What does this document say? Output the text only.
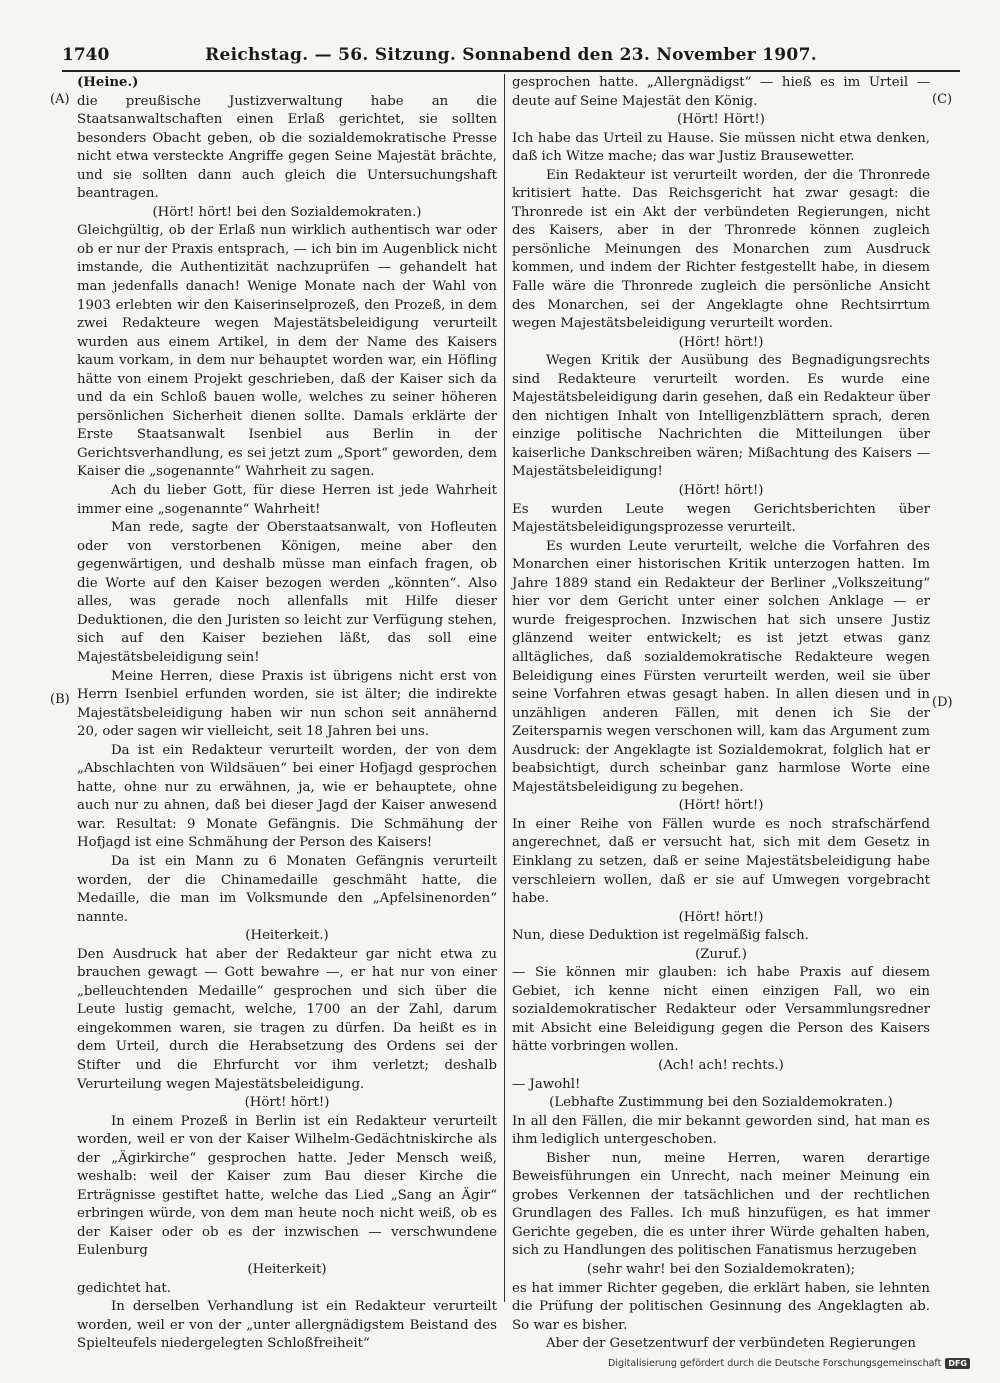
1740	Reichstag. — 56. Sitzung. Sonnabend den 23. November 1907.
(A)
(B)
(C)
(D)

(Heine.)

die preußische Justizverwaltung habe an die Staatsanwaltschaften einen Erlaß gerichtet, sie sollten besonders Obacht geben, ob die sozialdemokratische Presse nicht etwa versteckte Angriffe gegen Seine Majestät brächte, und sie sollten dann auch gleich die Untersuchungshaft beantragen.

(Hört! hört! bei den Sozialdemokraten.)

Gleichgültig, ob der Erlaß nun wirklich authentisch war oder ob er nur der Praxis entsprach, — ich bin im Augenblick nicht imstande, die Authentizität nachzuprüfen — gehandelt hat man jedenfalls danach! Wenige Monate nach der Wahl von 1903 erlebten wir den Kaiserinselprozeß, den Prozeß, in dem zwei Redakteure wegen Majestätsbeleidigung verurteilt wurden aus einem Artikel, in dem der Name des Kaisers kaum vorkam, in dem nur behauptet worden war, ein Höfling hätte von einem Projekt geschrieben, daß der Kaiser sich da und da ein Schloß bauen wolle, welches zu seiner höheren persönlichen Sicherheit dienen sollte. Damals erklärte der Erste Staatsanwalt Isenbiel aus Berlin in der Gerichtsverhandlung, es sei jetzt zum „Sport“ geworden, dem Kaiser die „sogenannte“ Wahrheit zu sagen.

Ach du lieber Gott, für diese Herren ist jede Wahrheit immer eine „sogenannte“ Wahrheit!

Man rede, sagte der Oberstaatsanwalt, von Hofleuten oder von verstorbenen Königen, meine aber den gegenwärtigen, und deshalb müsse man einfach fragen, ob die Worte auf den Kaiser bezogen werden „könnten“. Also alles, was gerade noch allenfalls mit Hilfe dieser Deduktionen, die den Juristen so leicht zur Verfügung stehen, sich auf den Kaiser beziehen läßt, das soll eine Majestätsbeleidigung sein!

Meine Herren, diese Praxis ist übrigens nicht erst von Herrn Isenbiel erfunden worden, sie ist älter; die indirekte Majestätsbeleidigung haben wir nun schon seit annähernd 20, oder sagen wir vielleicht, seit 18 Jahren bei uns.

Da ist ein Redakteur verurteilt worden, der von dem „Abschlachten von Wildsäuen“ bei einer Hofjagd gesprochen hatte, ohne nur zu erwähnen, ja, wie er behauptete, ohne auch nur zu ahnen, daß bei dieser Jagd der Kaiser anwesend war. Resultat: 9 Monate Gefängnis. Die Schmähung der Hofjagd ist eine Schmähung der Person des Kaisers!

Da ist ein Mann zu 6 Monaten Gefängnis verurteilt worden, der die Chinamedaille geschmäht hatte, die Medaille, die man im Volksmunde den „Apfelsinenorden“ nannte.

(Heiterkeit.)

Den Ausdruck hat aber der Redakteur gar nicht etwa zu brauchen gewagt — Gott bewahre —, er hat nur von einer „belleuchtenden Medaille“ gesprochen und sich über die Leute lustig gemacht, welche, 1700 an der Zahl, darum eingekommen waren, sie tragen zu dürfen. Da heißt es in dem Urteil, durch die Herabsetzung des Ordens sei der Stifter und die Ehrfurcht vor ihm verletzt; deshalb Verurteilung wegen Majestätsbeleidigung.

(Hört! hört!)

In einem Prozeß in Berlin ist ein Redakteur verurteilt worden, weil er von der Kaiser Wilhelm-Gedächtniskirche als der „Ägirkirche“ gesprochen hatte. Jeder Mensch weiß, weshalb: weil der Kaiser zum Bau dieser Kirche die Erträgnisse gestiftet hatte, welche das Lied „Sang an Ägir“ erbringen würde, von dem man heute noch nicht weiß, ob es der Kaiser oder ob es der inzwischen — verschwundene Eulenburg

(Heiterkeit)

gedichtet hat.

In derselben Verhandlung ist ein Redakteur verurteilt worden, weil er von der „unter allergnädigstem Beistand des Spielteufels niedergelegten Schloßfreiheit“

gesprochen hatte. „Allergnädigst“ — hieß es im Urteil — deute auf Seine Majestät den König.

(Hört! Hört!)

Ich habe das Urteil zu Hause. Sie müssen nicht etwa denken, daß ich Witze mache; das war Justiz Brausewetter.

Ein Redakteur ist verurteilt worden, der die Thronrede kritisiert hatte. Das Reichsgericht hat zwar gesagt: die Thronrede ist ein Akt der verbündeten Regierungen, nicht des Kaisers, aber in der Thronrede können zugleich persönliche Meinungen des Monarchen zum Ausdruck kommen, und indem der Richter festgestellt habe, in diesem Falle wäre die Thronrede zugleich die persönliche Ansicht des Monarchen, sei der Angeklagte ohne Rechtsirrtum wegen Majestätsbeleidigung verurteilt worden.

(Hört! hört!)

Wegen Kritik der Ausübung des Begnadigungsrechts sind Redakteure verurteilt worden. Es wurde eine Majestätsbeleidigung darin gesehen, daß ein Redakteur über den nichtigen Inhalt von Intelligenzblättern sprach, deren einzige politische Nachrichten die Mitteilungen über kaiserliche Dankschreiben wären; Mißachtung des Kaisers — Majestätsbeleidigung!

(Hört! hört!)

Es wurden Leute wegen Gerichtsberichten über Majestätsbeleidigungsprozesse verurteilt.

Es wurden Leute verurteilt, welche die Vorfahren des Monarchen einer historischen Kritik unterzogen hatten. Im Jahre 1889 stand ein Redakteur der Berliner „Volkszeitung“ hier vor dem Gericht unter einer solchen Anklage — er wurde freigesprochen. Inzwischen hat sich unsere Justiz glänzend weiter entwickelt; es ist jetzt etwas ganz alltägliches, daß sozialdemokratische Redakteure wegen Beleidigung eines Fürsten verurteilt werden, weil sie über seine Vorfahren etwas gesagt haben. In allen diesen und in unzähligen anderen Fällen, mit denen ich Sie der Zeitersparnis wegen verschonen will, kam das Argument zum Ausdruck: der Angeklagte ist Sozialdemokrat, folglich hat er beabsichtigt, durch scheinbar ganz harmlose Worte eine Majestätsbeleidigung zu begehen.

(Hört! hört!)

In einer Reihe von Fällen wurde es noch strafschärfend angerechnet, daß er versucht hat, sich mit dem Gesetz in Einklang zu setzen, daß er seine Majestätsbeleidigung habe verschleiern wollen, daß er sie auf Umwegen vorgebracht habe.

(Hört! hört!)

Nun, diese Deduktion ist regelmäßig falsch.

(Zuruf.)

— Sie können mir glauben: ich habe Praxis auf diesem Gebiet, ich kenne nicht einen einzigen Fall, wo ein sozialdemokratischer Redakteur oder Versammlungsredner mit Absicht eine Beleidigung gegen die Person des Kaisers hätte vorbringen wollen.

(Ach! ach! rechts.)

— Jawohl!

(Lebhafte Zustimmung bei den Sozialdemokraten.)

In all den Fällen, die mir bekannt geworden sind, hat man es ihm lediglich untergeschoben.

Bisher nun, meine Herren, waren derartige Beweisführungen ein Unrecht, nach meiner Meinung ein grobes Verkennen der tatsächlichen und der rechtlichen Grundlagen des Falles. Ich muß hinzufügen, es hat immer Gerichte gegeben, die es unter ihrer Würde gehalten haben, sich zu Handlungen des politischen Fanatismus herzugeben

(sehr wahr! bei den Sozialdemokraten);

es hat immer Richter gegeben, die erklärt haben, sie lehnten die Prüfung der politischen Gesinnung des Angeklagten ab. So war es bisher.

Aber der Gesetzentwurf der verbündeten Regierungen

Digitalisierung gefördert durch die Deutsche Forschungsgemeinschaft DFG
